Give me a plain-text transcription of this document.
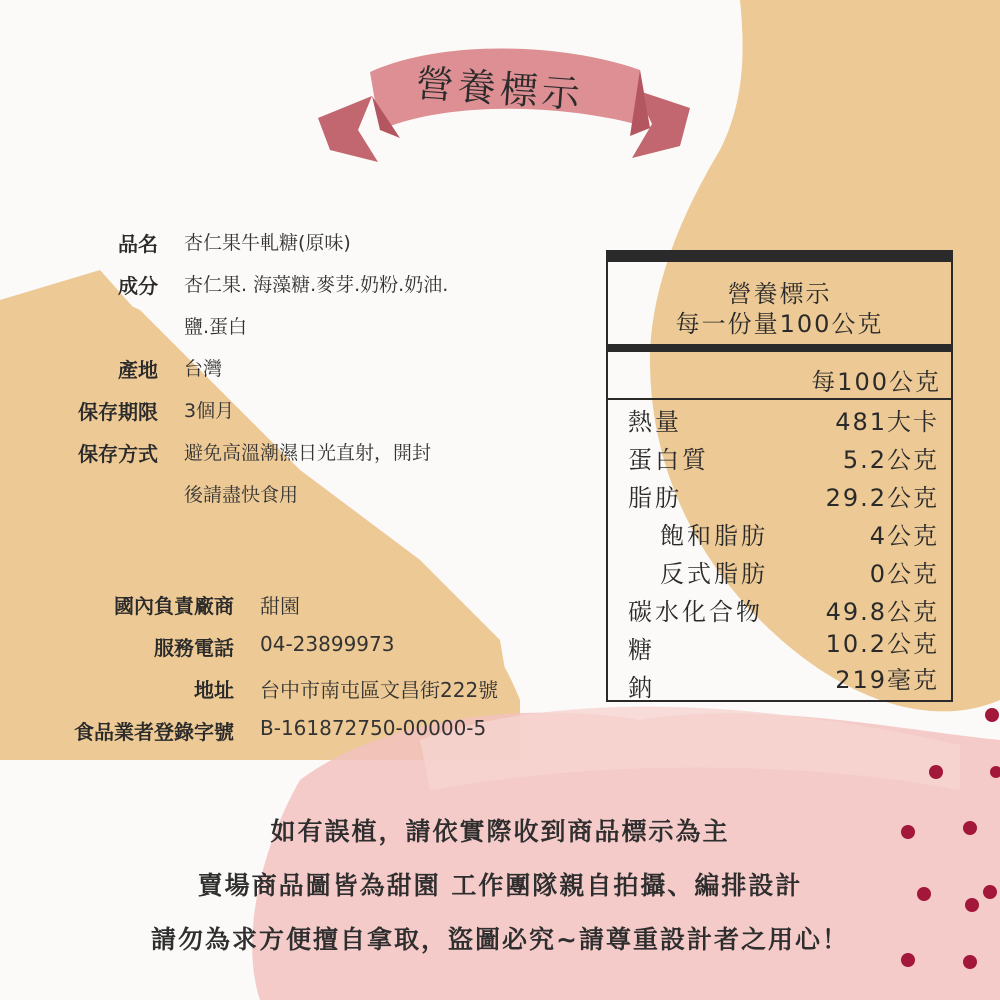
營養標示
品名 杏仁果牛軋糖(原味)
成分 杏仁果. 海藻糖.麥芽.奶粉.奶油.
鹽.蛋白
產地 台灣
保存期限 3個月
保存方式 避免高溫潮濕日光直射，開封
後請盡快食用
營養標示
每一份量100公克
每100公克
熱量	481大卡
蛋白質	5.2公克
脂肪	29.2公克
飽和脂肪	4公克
反式脂肪	0公克
碳水化合物	49.8公克
糖	10.2公克
鈉	219毫克
國內負責廠商 甜園
服務電話 04-23899973
地址 台中市南屯區文昌街222號
食品業者登錄字號 B-161872750-00000-5
如有誤植，請依實際收到商品標示為主
賣場商品圖皆為甜園 工作團隊親自拍攝、編排設計
請勿為求方便擅自拿取，盜圖必究~請尊重設計者之用心！
